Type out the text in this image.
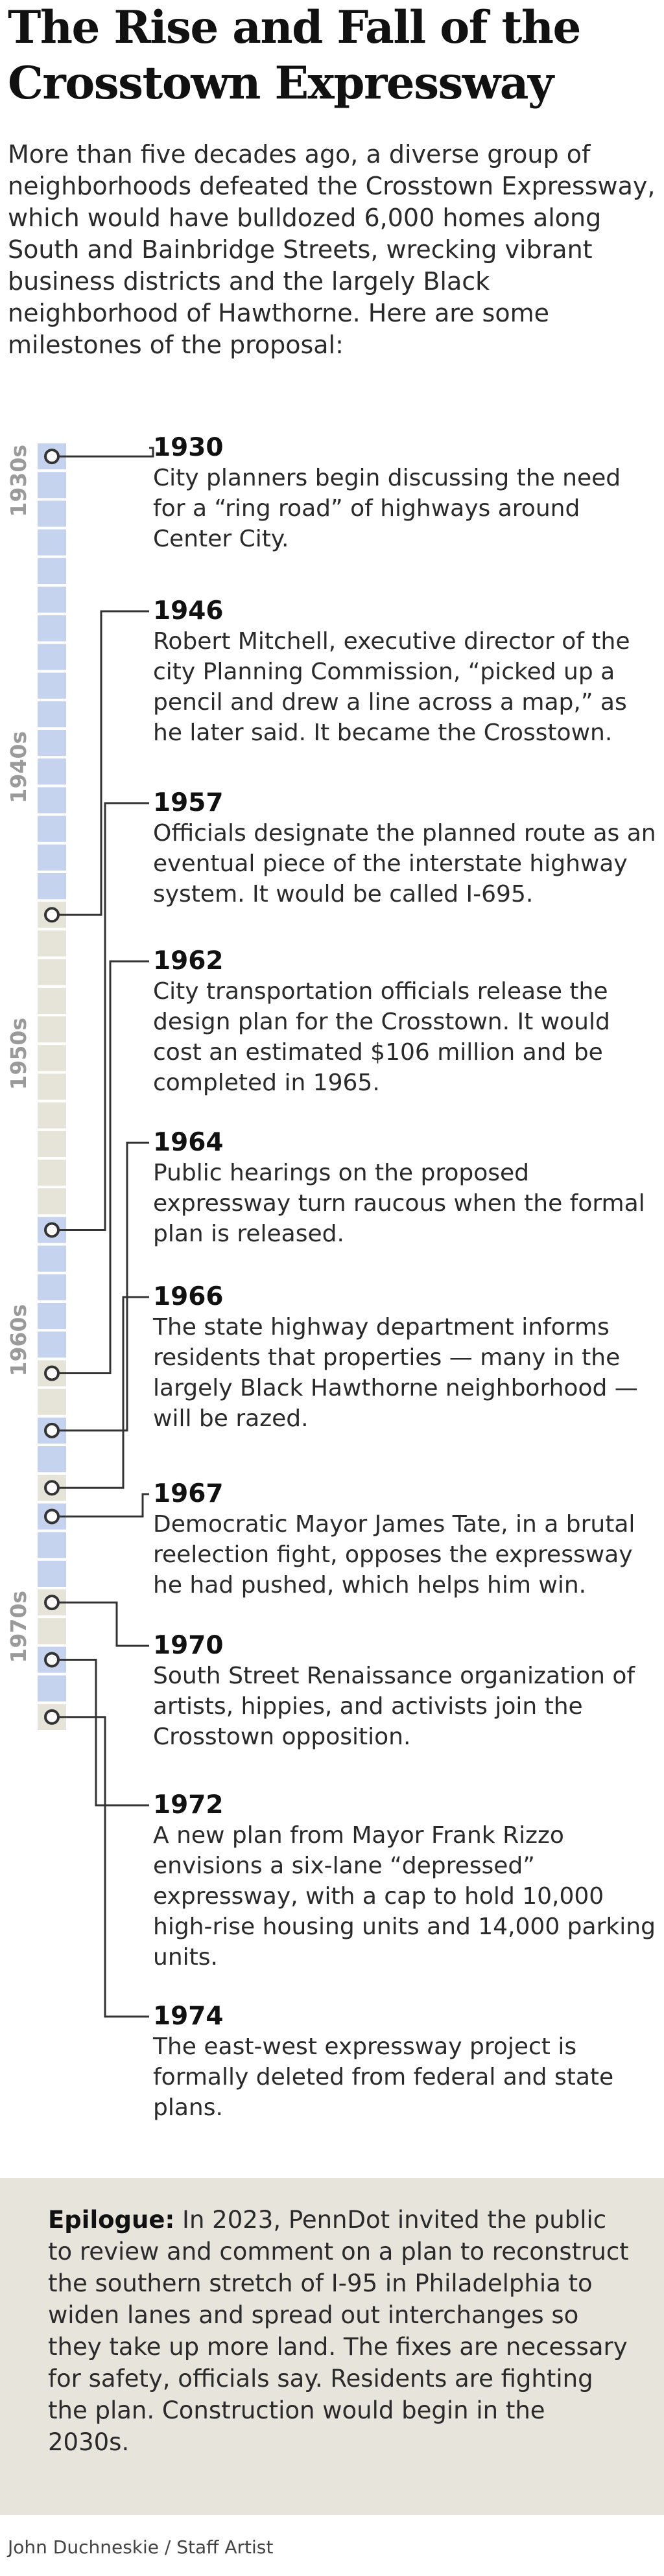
The Rise and Fall of the Crosstown Expressway

More than five decades ago, a diverse group of neighborhoods defeated the Crosstown Expressway, which would have bulldozed 6,000 homes along South and Bainbridge Streets, wrecking vibrant business districts and the largely Black neighborhood of Hawthorne. Here are some milestones of the proposal:

1930s
1940s
1950s
1960s
1970s

1930

City planners begin discussing the need for a “ring road” of highways around Center City.

1946

Robert Mitchell, executive director of the city Planning Commission, “picked up a pencil and drew a line across a map,” as he later said. It became the Crosstown.

1957

Officials designate the planned route as an eventual piece of the interstate highway system. It would be called I-695.

1962

City transportation officials release the design plan for the Crosstown. It would cost an estimated $106 million and be completed in 1965.

1964

Public hearings on the proposed expressway turn raucous when the formal plan is released.

1966

The state highway department informs residents that properties — many in the largely Black Hawthorne neighborhood — will be razed.

1967

Democratic Mayor James Tate, in a brutal reelection fight, opposes the expressway he had pushed, which helps him win.

1970

South Street Renaissance organization of artists, hippies, and activists join the Crosstown opposition.

1972

A new plan from Mayor Frank Rizzo envisions a six-lane “depressed” expressway, with a cap to hold 10,000 high-rise housing units and 14,000 parking units.

1974

The east-west expressway project is formally deleted from federal and state plans.

Epilogue: In 2023, PennDot invited the public to review and comment on a plan to reconstruct the southern stretch of I-95 in Philadelphia to widen lanes and spread out interchanges so they take up more land. The fixes are necessary for safety, officials say. Residents are fighting the plan. Construction would begin in the 2030s.

John Duchneskie / Staff Artist
